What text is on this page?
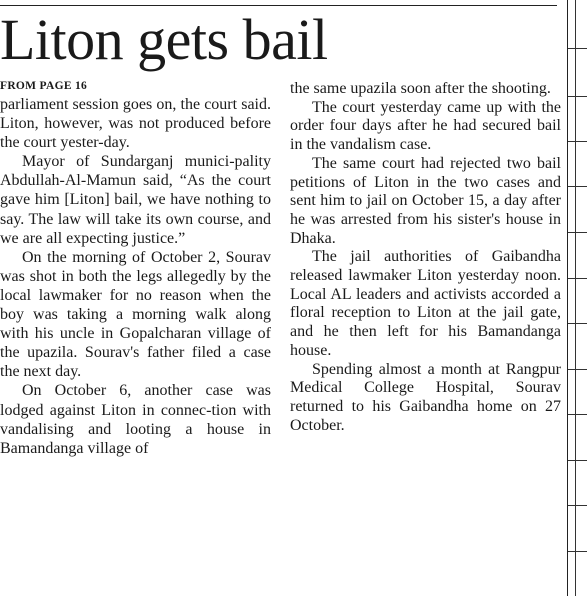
Liton gets bail
FROM PAGE 16

parliament session goes on, the court said. Liton, however, was not produced before the court yester-day.

Mayor of Sundarganj munici-pality Abdullah-Al-Mamun said, “As the court gave him [Liton] bail, we have nothing to say. The law will take its own course, and we are all expecting justice.”

On the morning of October 2, Sourav was shot in both the legs allegedly by the local lawmaker for no reason when the boy was taking a morning walk along with his uncle in Gopalcharan village of the upazila. Sourav's father filed a case the next day.

On October 6, another case was lodged against Liton in connec-tion with vandalising and looting a house in Bamandanga village of

the same upazila soon after the shooting.

The court yesterday came up with the order four days after he had secured bail in the vandalism case.

The same court had rejected two bail petitions of Liton in the two cases and sent him to jail on October 15, a day after he was arrested from his sister's house in Dhaka.

The jail authorities of Gaibandha released lawmaker Liton yesterday noon. Local AL leaders and activists accorded a floral reception to Liton at the jail gate, and he then left for his Bamandanga house.

Spending almost a month at Rangpur Medical College Hospital, Sourav returned to his Gaibandha home on 27 October.
